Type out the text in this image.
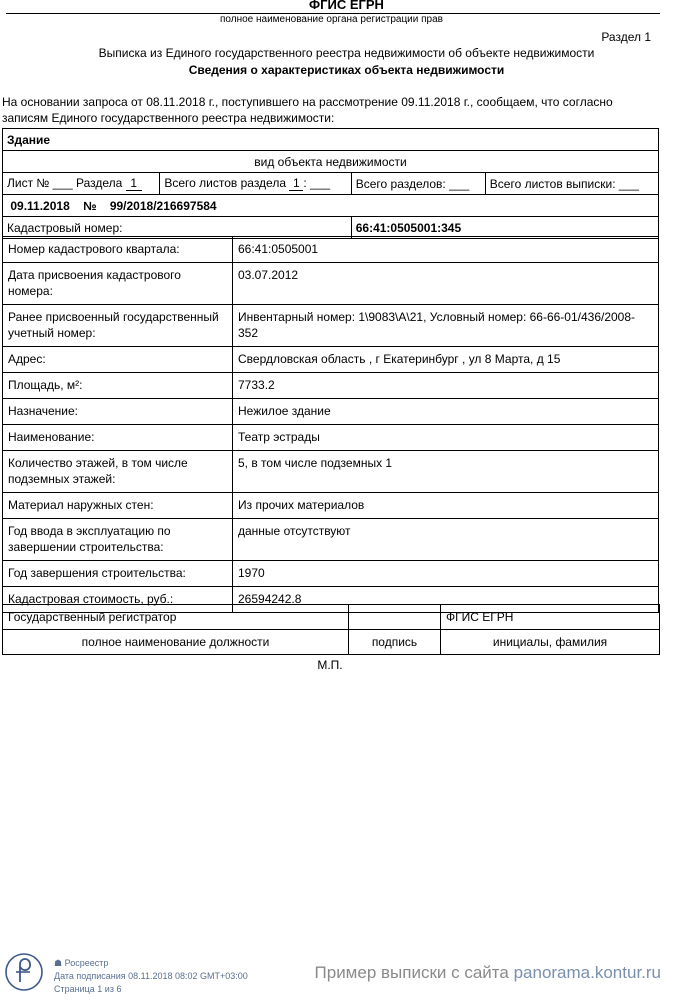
ФГИС ЕГРН
полное наименование органа регистрации прав
Раздел 1
Выписка из Единого государственного реестра недвижимости об объекте недвижимости
Сведения о характеристиках объекта недвижимости
На основании запроса от 08.11.2018 г., поступившего на рассмотрение 09.11.2018 г., сообщаем, что согласно
записям Единого государственного реестра недвижимости:
Здание			
вид объекта недвижимости			
Лист № ___ Раздела 1	Всего листов раздела 1 : ___	Всего разделов: ___	Всего листов выписки: ___
09.11.2018 № 99/2018/216697584			
Кадастровый номер:		66:41:0505001:345	
Номер кадастрового квартала:	66:41:0505001
Дата присвоения кадастрового номера:	03.07.2012
Ранее присвоенный государственный учетный номер:	Инвентарный номер: 1\9083\А\21, Условный номер: 66-66-01/436/2008-352
Адрес:	Свердловская область , г Екатеринбург , ул 8 Марта, д 15
Площадь, м²:	7733.2
Назначение:	Нежилое здание
Наименование:	Театр эстрады
Количество этажей, в том числе подземных этажей:	5, в том числе подземных 1
Материал наружных стен:	Из прочих материалов
Год ввода в эксплуатацию по завершении строительства:	данные отсутствуют
Год завершения строительства:	1970
Кадастровая стоимость, руб.:	26594242.8
Государственный регистратор		ФГИС ЕГРН
полное наименование должности	подпись	инициалы, фамилия
М.П.
☗ Росреестр
Дата подписания 08.11.2018 08:02 GMT+03:00
Страница 1 из 6
Пример выписки с сайта panorama.kontur.ru
